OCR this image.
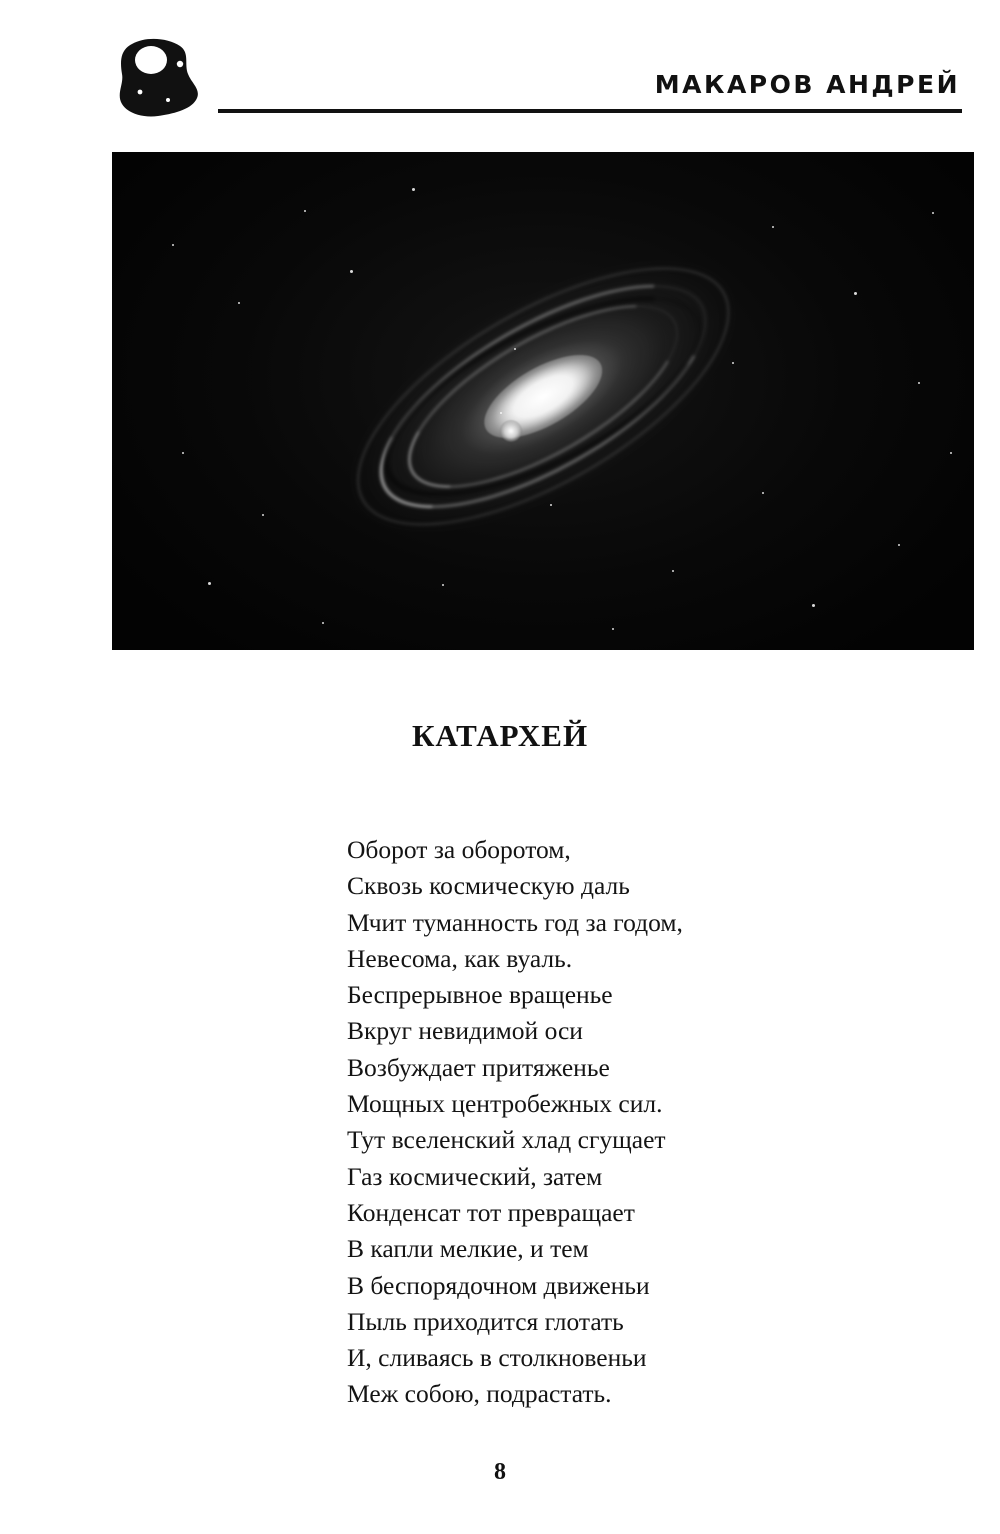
МАКАРОВ АНДРЕЙ
КАТАРХЕЙ
Оборот за оборотом,
Сквозь космическую даль
Мчит туманность год за годом,
Невесома, как вуаль.
Беспрерывное вращенье
Вкруг невидимой оси
Возбуждает притяженье
Мощных центробежных сил.
Тут вселенский хлад сгущает
Газ космический, затем
Конденсат тот превращает
В капли мелкие, и тем
В беспорядочном движеньи
Пыль приходится глотать
И, сливаясь в столкновеньи
Меж собою, подрастать.
8
